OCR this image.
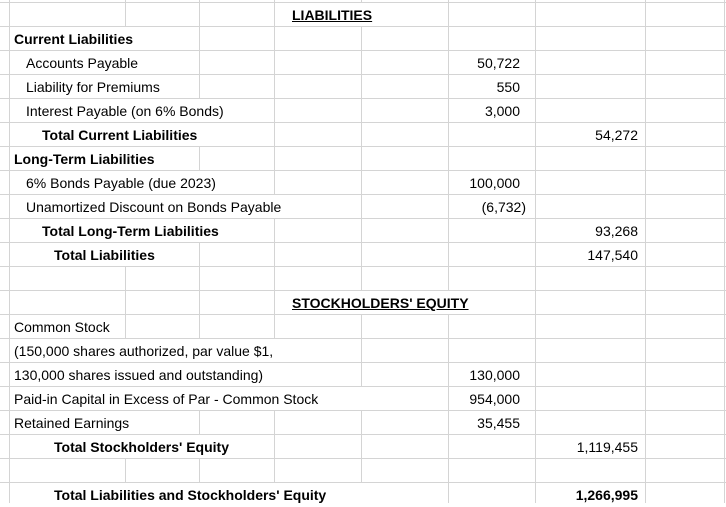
LIABILITIES
Current Liabilities
Accounts Payable	50,722
Liability for Premiums	550
Interest Payable (on 6% Bonds)	3,000
Total Current Liabilities	54,272
Long-Term Liabilities
6% Bonds Payable (due 2023)	100,000
Unamortized Discount on Bonds Payable	(6,732)
Total Long-Term Liabilities	93,268
Total Liabilities	147,540
STOCKHOLDERS' EQUITY
Common Stock
(150,000 shares authorized, par value $1,
130,000 shares issued and outstanding)	130,000
Paid-in Capital in Excess of Par - Common Stock	954,000
Retained Earnings	35,455
Total Stockholders' Equity	1,119,455
Total Liabilities and Stockholders' Equity	1,266,995
